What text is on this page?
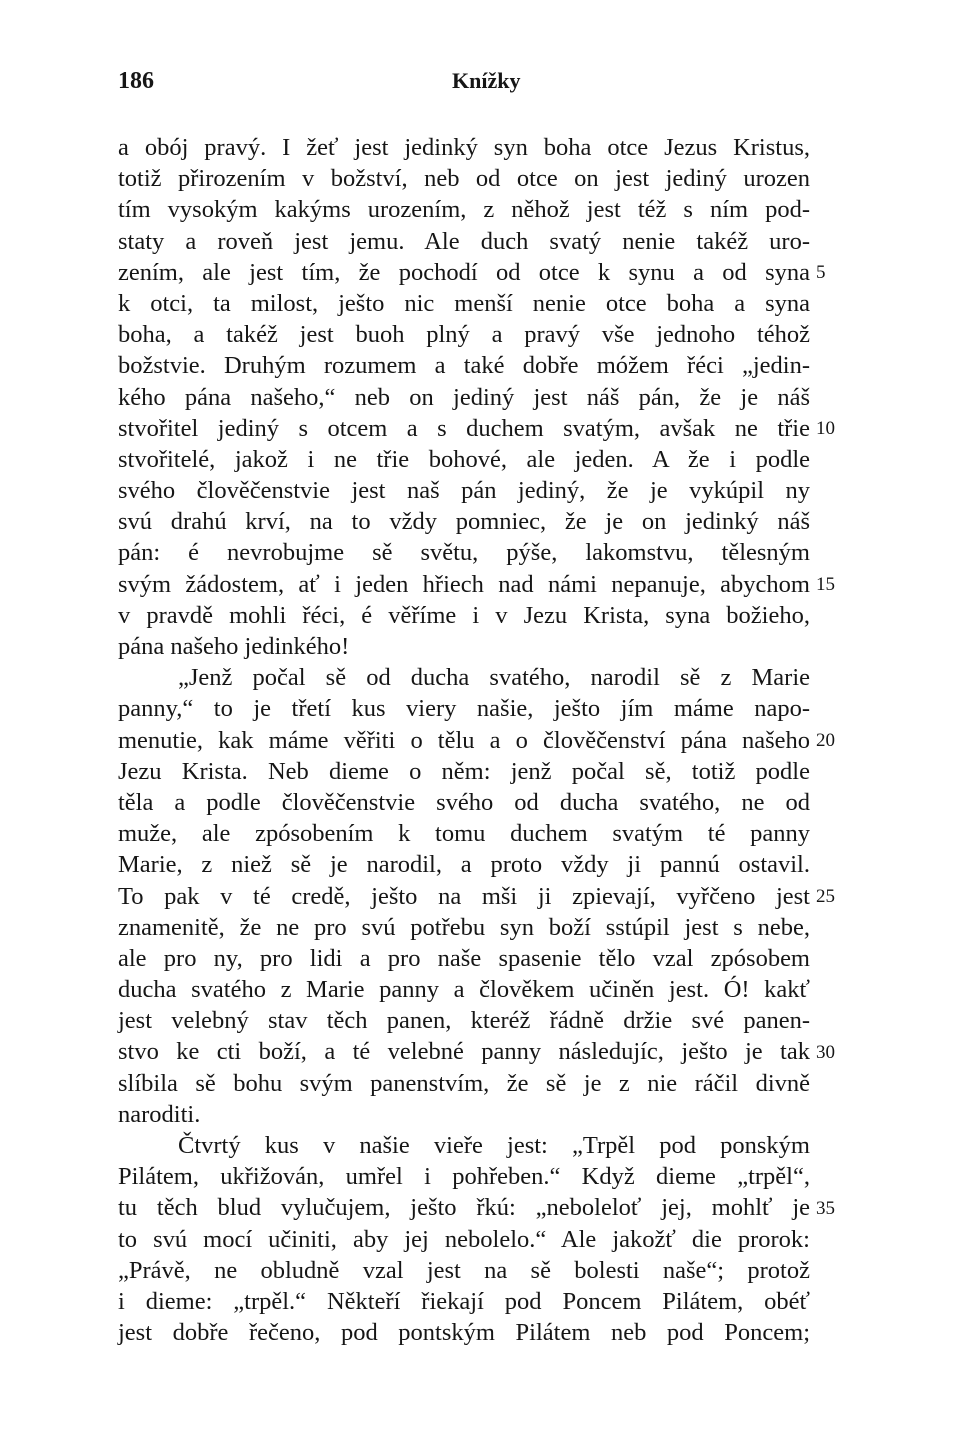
186	Knížky
a obój pravý. I žeť jest jedinký syn boha otce Jezus Kristus,
totiž přirozením v božství, neb od otce on jest jediný urozen
tím vysokým kakýms urozením, z něhož jest též s ním pod-
staty a roveň jest jemu. Ale duch svatý nenie takéž uro-
zením, ale jest tím, že pochodí od otce k synu a od syna
k otci, ta milost, ješto nic menší nenie otce boha a syna
boha, a takéž jest buoh plný a pravý vše jednoho téhož
božstvie. Druhým rozumem a také dobře móžem řéci „jedin-
kého pána našeho,“ neb on jediný jest náš pán, že je náš
stvořitel jediný s otcem a s duchem svatým, avšak ne třie
stvořitelé, jakož i ne třie bohové, ale jeden. A že i podle
svého člověčenstvie jest naš pán jediný, že je vykúpil ny
svú drahú krví, na to vždy pomniec, že je on jedinký náš
pán: é nevrobujme sě světu, pýše, lakomstvu, tělesným
svým žádostem, ať i jeden hřiech nad námi nepanuje, abychom
v pravdě mohli řéci, é věříme i v Jezu Krista, syna božieho,
pána našeho jedinkého!
„Jenž počal sě od ducha svatého, narodil sě z Marie
panny,“ to je třetí kus viery našie, ješto jím máme napo-
menutie, kak máme věřiti o tělu a o člověčenství pána našeho
Jezu Krista. Neb dieme o něm: jenž počal sě, totiž podle
těla a podle člověčenstvie svého od ducha svatého, ne od
muže, ale zpósobením k tomu duchem svatým té panny
Marie, z niež sě je narodil, a proto vždy ji pannú ostavil.
To pak v té credě, ješto na mši ji zpievají, vyřčeno jest
znamenitě, že ne pro svú potřebu syn boží sstúpil jest s nebe,
ale pro ny, pro lidi a pro naše spasenie tělo vzal zpósobem
ducha svatého z Marie panny a člověkem učiněn jest. Ó! kakť
jest velebný stav těch panen, kteréž řádně držie své panen-
stvo ke cti boží, a té velebné panny následujíc, ješto je tak
slíbila sě bohu svým panenstvím, že sě je z nie ráčil divně
naroditi.
Čtvrtý kus v našie vieře jest: „Trpěl pod ponským
Pilátem, ukřižován, umřel i pohřeben.“ Když dieme „trpěl“,
tu těch blud vylučujem, ješto řkú: „nebolelоť jej, mohlť je
to svú mocí učiniti, aby jej nebolelo.“ Ale jakožť die prorok:
„Právě, ne obludně vzal jest na sě bolesti naše“; protož
i dieme: „trpěl.“ Někteří řiekají pod Poncem Pilátem, obéť
jest dobře řečeno, pod pontským Pilátem neb pod Poncem;
5
10
15
20
25
30
35
